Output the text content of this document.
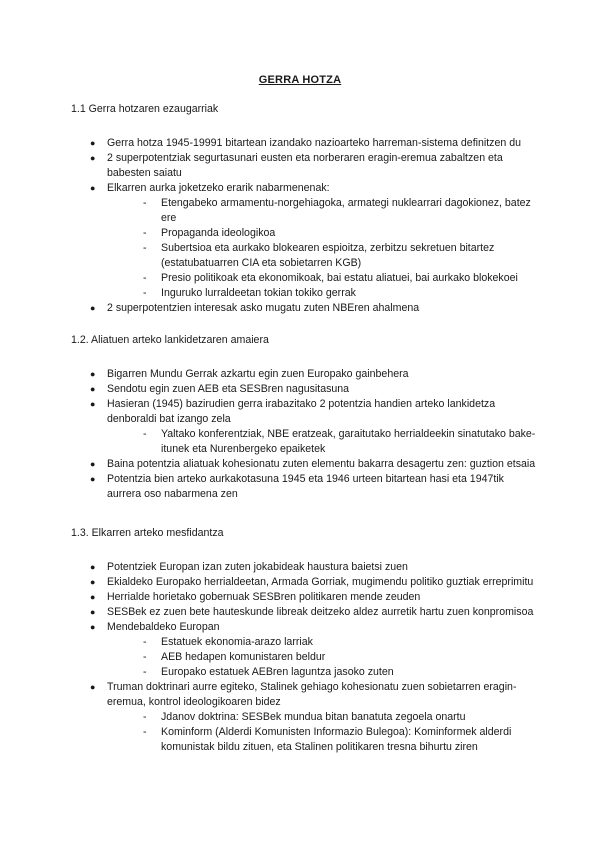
GERRA HOTZA

1.1 Gerra hotzaren ezaugarriak

● Gerra hotza 1945-19991 bitartean izandako nazioarteko harreman-sistema definitzen du
● 2 superpotentziak segurtasunari eusten eta norberaren eragin-eremua zabaltzen eta babesten saiatu
● Elkarren aurka joketzeko erarik nabarmenenak:
- Etengabeko armamentu-norgehiagoka, armategi nuklearrari dagokionez, batez ere
- Propaganda ideologikoa
- Subertsioa eta aurkako blokearen espioitza, zerbitzu sekretuen bitartez (estatubatuarren CIA eta sobietarren KGB)
- Presio politikoak eta ekonomikoak, bai estatu aliatuei, bai aurkako blokekoei
- Inguruko lurraldeetan tokian tokiko gerrak
● 2 superpotentzien interesak asko mugatu zuten NBEren ahalmena

1.2. Aliatuen arteko lankidetzaren amaiera

● Bigarren Mundu Gerrak azkartu egin zuen Europako gainbehera
● Sendotu egin zuen AEB eta SESBren nagusitasuna
● Hasieran (1945) bazirudien gerra irabazitako 2 potentzia handien arteko lankidetza denboraldi bat izango zela
- Yaltako konferentziak, NBE eratzeak, garaitutako herrialdeekin sinatutako bake-itunek eta Nurenbergeko epaiketek
● Baina potentzia aliatuak kohesionatu zuten elementu bakarra desagertu zen: guztion etsaia
● Potentzia bien arteko aurkakotasuna 1945 eta 1946 urteen bitartean hasi eta 1947tik aurrera oso nabarmena zen

1.3. Elkarren arteko mesfidantza

● Potentziek Europan izan zuten jokabideak haustura baietsi zuen
● Ekialdeko Europako herrialdeetan, Armada Gorriak, mugimendu politiko guztiak erreprimitu
● Herrialde horietako gobernuak SESBren politikaren mende zeuden
● SESBek ez zuen bete hauteskunde libreak deitzeko aldez aurretik hartu zuen konpromisoa
● Mendebaldeko Europan
- Estatuek ekonomia-arazo larriak
- AEB hedapen komunistaren beldur
- Europako estatuek AEBren laguntza jasoko zuten
● Truman doktrinari aurre egiteko, Stalinek gehiago kohesionatu zuen sobietarren eragin-eremua, kontrol ideologikoaren bidez
- Jdanov doktrina: SESBek mundua bitan banatuta zegoela onartu
- Kominform (Alderdi Komunisten Informazio Bulegoa): Kominformek alderdi komunistak bildu zituen, eta Stalinen politikaren tresna bihurtu ziren
